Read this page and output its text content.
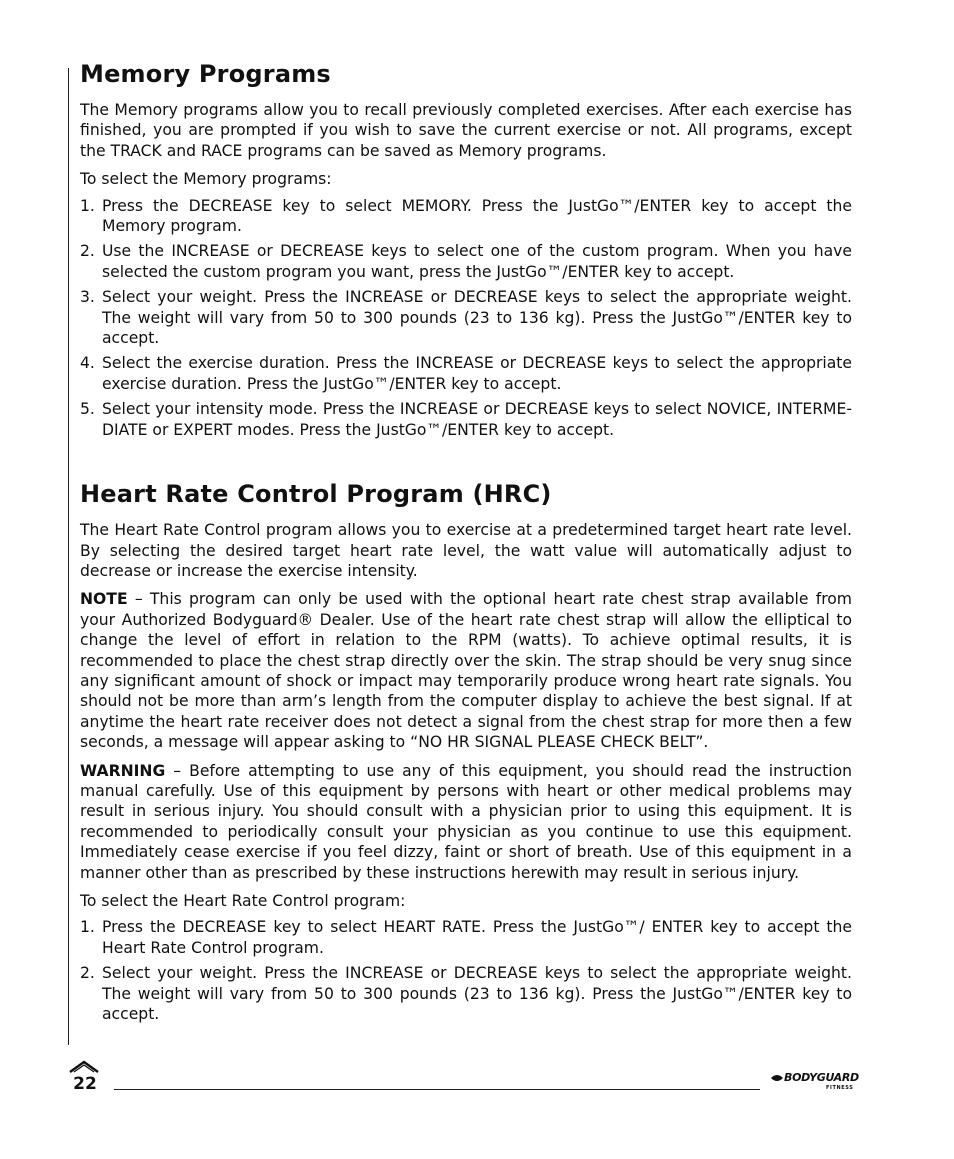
Memory Programs

The Memory programs allow you to recall previously completed exercises. After each exercise has finished, you are prompted if you wish to save the current exercise or not. All programs, except the TRACK and RACE programs can be saved as Memory programs.

To select the Memory programs:

1. Press the DECREASE key to select MEMORY. Press the JustGo™/ENTER key to accept the Memory program.
2. Use the INCREASE or DECREASE keys to select one of the custom program. When you have selected the custom program you want, press the JustGo™/ENTER key to accept.
3. Select your weight. Press the INCREASE or DECREASE keys to select the appropriate weight. The weight will vary from 50 to 300 pounds (23 to 136 kg). Press the JustGo™/ENTER key to accept.
4. Select the exercise duration. Press the INCREASE or DECREASE keys to select the appropriate exercise duration. Press the JustGo™/ENTER key to accept.
5. Select your intensity mode. Press the INCREASE or DECREASE keys to select NOVICE, INTERME-DIATE or EXPERT modes. Press the JustGo™/ENTER key to accept.
Heart Rate Control Program (HRC)

The Heart Rate Control program allows you to exercise at a predetermined target heart rate level. By selecting the desired target heart rate level, the watt value will automatically adjust to decrease or increase the exercise intensity.

NOTE – This program can only be used with the optional heart rate chest strap available from your Authorized Bodyguard® Dealer. Use of the heart rate chest strap will allow the elliptical to change the level of effort in relation to the RPM (watts). To achieve optimal results, it is recommended to place the chest strap directly over the skin. The strap should be very snug since any significant amount of shock or impact may temporarily produce wrong heart rate signals. You should not be more than arm’s length from the computer display to achieve the best signal. If at anytime the heart rate receiver does not detect a signal from the chest strap for more then a few seconds, a message will appear asking to “NO HR SIGNAL PLEASE CHECK BELT”.

WARNING – Before attempting to use any of this equipment, you should read the instruction manual carefully. Use of this equipment by persons with heart or other medical problems may result in serious injury. You should consult with a physician prior to using this equipment. It is recommended to periodically consult your physician as you continue to use this equipment. Immediately cease exercise if you feel dizzy, faint or short of breath. Use of this equipment in a manner other than as prescribed by these instructions herewith may result in serious injury.

To select the Heart Rate Control program:

1. Press the DECREASE key to select HEART RATE. Press the JustGo™/ ENTER key to accept the Heart Rate Control program.
2. Select your weight. Press the INCREASE or DECREASE keys to select the appropriate weight. The weight will vary from 50 to 300 pounds (23 to 136 kg). Press the JustGo™/ENTER key to accept.
22	BODYGUARD
FITNESS
